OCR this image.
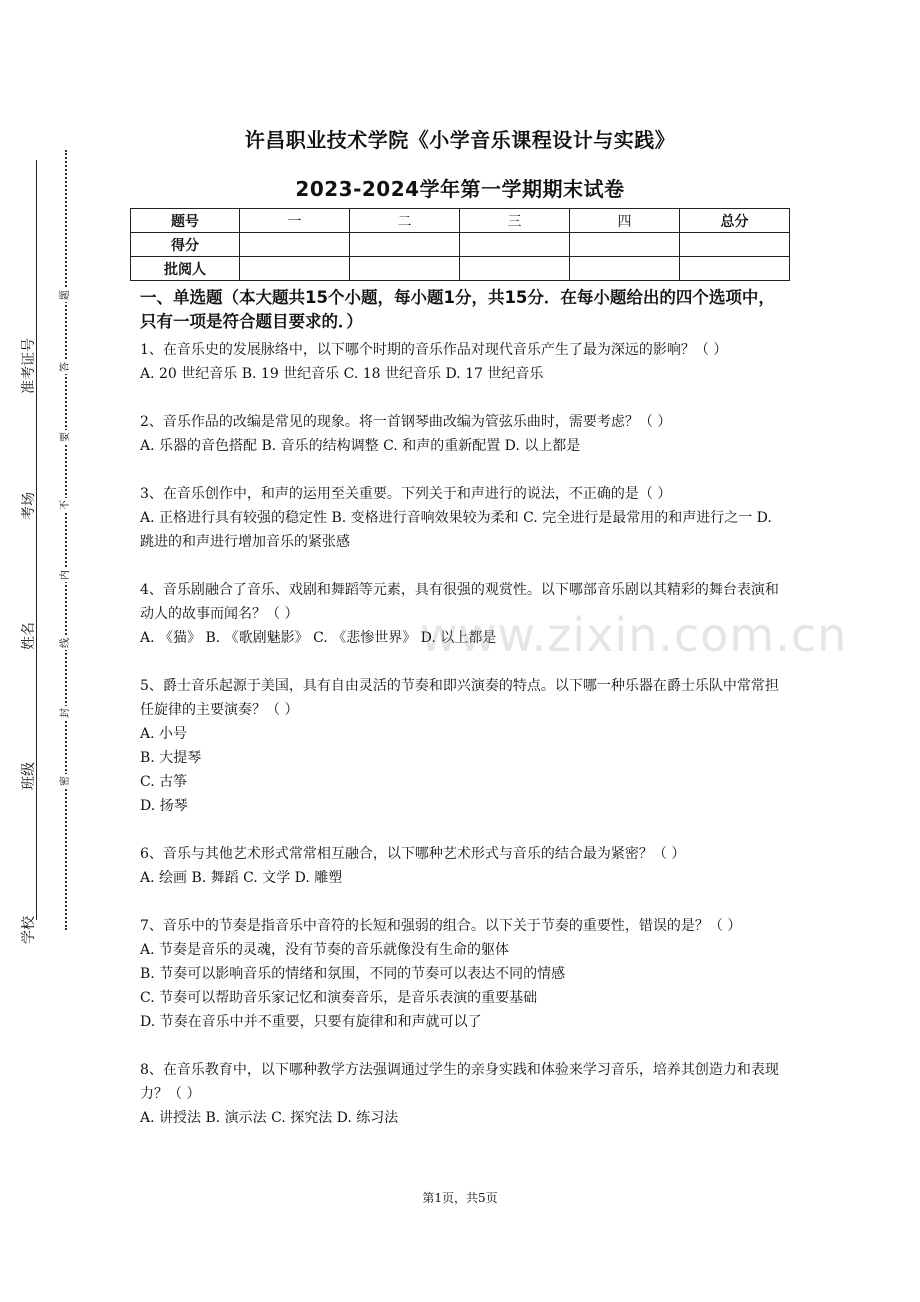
许昌职业技术学院《小学音乐课程设计与实践》
2023-2024学年第一学期期末试卷
题号	一	二	三	四	总分
得分					
批阅人					
准考证号
考场
姓名
班级
学校
题
答
要
不
内
线
封
密
一、单选题（本大题共15个小题，每小题1分，共15分．在每小题给出的四个选项中，只有一项是符合题目要求的．）
1、在音乐史的发展脉络中，以下哪个时期的音乐作品对现代音乐产生了最为深远的影响？（ ）
A. 20 世纪音乐 B. 19 世纪音乐 C. 18 世纪音乐 D. 17 世纪音乐
2、音乐作品的改编是常见的现象。将一首钢琴曲改编为管弦乐曲时，需要考虑？（ ）
A. 乐器的音色搭配 B. 音乐的结构调整 C. 和声的重新配置 D. 以上都是
3、在音乐创作中，和声的运用至关重要。下列关于和声进行的说法，不正确的是（ ）
A. 正格进行具有较强的稳定性 B. 变格进行音响效果较为柔和 C. 完全进行是最常用的和声进行之一 D. 跳进的和声进行增加音乐的紧张感
4、音乐剧融合了音乐、戏剧和舞蹈等元素，具有很强的观赏性。以下哪部音乐剧以其精彩的舞台表演和动人的故事而闻名？（ ）
A. 《猫》 B. 《歌剧魅影》 C. 《悲惨世界》 D. 以上都是
5、爵士音乐起源于美国，具有自由灵活的节奏和即兴演奏的特点。以下哪一种乐器在爵士乐队中常常担任旋律的主要演奏？（ ）
A. 小号
B. 大提琴
C. 古筝
D. 扬琴
6、音乐与其他艺术形式常常相互融合，以下哪种艺术形式与音乐的结合最为紧密？（ ）
A. 绘画 B. 舞蹈 C. 文学 D. 雕塑
7、音乐中的节奏是指音乐中音符的长短和强弱的组合。以下关于节奏的重要性，错误的是？（ ）
A. 节奏是音乐的灵魂，没有节奏的音乐就像没有生命的躯体
B. 节奏可以影响音乐的情绪和氛围，不同的节奏可以表达不同的情感
C. 节奏可以帮助音乐家记忆和演奏音乐，是音乐表演的重要基础
D. 节奏在音乐中并不重要，只要有旋律和和声就可以了
8、在音乐教育中，以下哪种教学方法强调通过学生的亲身实践和体验来学习音乐，培养其创造力和表现力？（ ）
A. 讲授法 B. 演示法 C. 探究法 D. 练习法
www.zixin.com.cn
第1页，共5页
